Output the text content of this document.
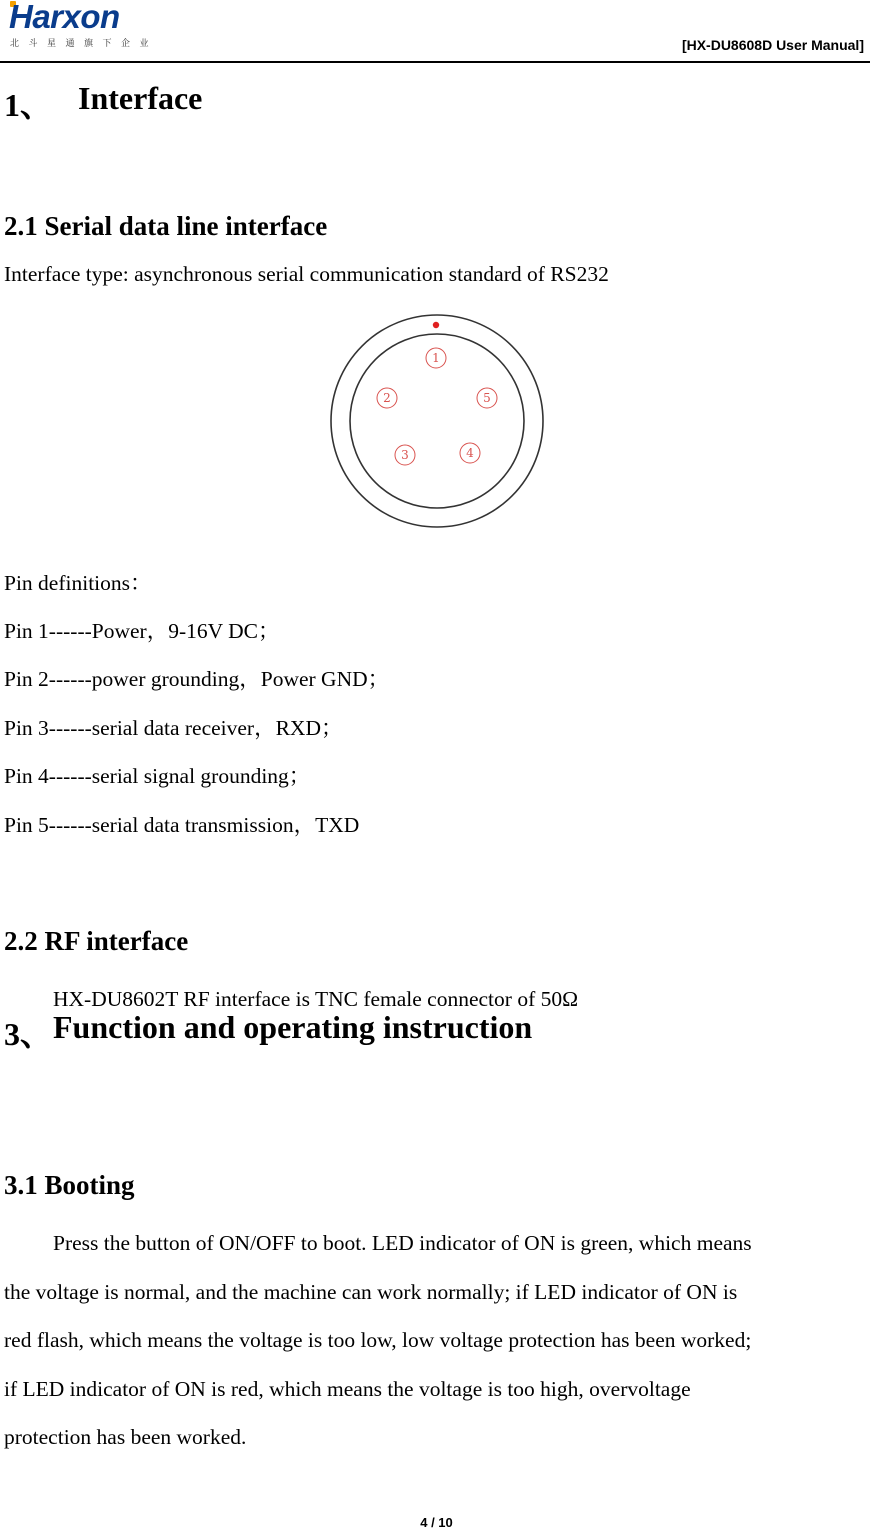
Harxon
北斗星通旗下企业	[HX-DU8608D User Manual]
1、 Interface
2.1 Serial data line interface
Interface type: asynchronous serial communication standard of RS232
1
2
3	4
5
Pin definitions：
Pin 1------Power，9-16V DC；
Pin 2------power grounding，Power GND；
Pin 3------serial data receiver，RXD；
Pin 4------serial signal grounding；
Pin 5------serial data transmission，TXD
2.2 RF interface
HX-DU8602T RF interface is TNC female connector of 50Ω
3、 Function and operating instruction
3.1 Booting
Press the button of ON/OFF to boot. LED indicator of ON is green, which means
the voltage is normal, and the machine can work normally; if LED indicator of ON is
red flash, which means the voltage is too low, low voltage protection has been worked;
if LED indicator of ON is red, which means the voltage is too high, overvoltage
protection has been worked.
4 / 10
